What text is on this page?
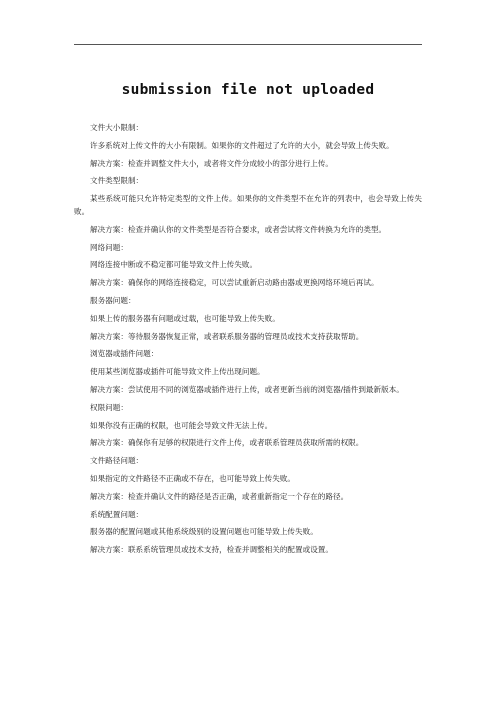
submission file not uploaded

文件大小限制：

许多系统对上传文件的大小有限制。如果你的文件超过了允许的大小，就会导致上传失败。

解决方案：检查并调整文件大小，或者将文件分成较小的部分进行上传。

文件类型限制：

某些系统可能只允许特定类型的文件上传。如果你的文件类型不在允许的列表中，也会导致上传失败。

解决方案：检查并确认你的文件类型是否符合要求，或者尝试将文件转换为允许的类型。

网络问题：

网络连接中断或不稳定都可能导致文件上传失败。

解决方案：确保你的网络连接稳定，可以尝试重新启动路由器或更换网络环境后再试。

服务器问题：

如果上传的服务器有问题或过载，也可能导致上传失败。

解决方案：等待服务器恢复正常，或者联系服务器的管理员或技术支持获取帮助。

浏览器或插件问题：

使用某些浏览器或插件可能导致文件上传出现问题。

解决方案：尝试使用不同的浏览器或插件进行上传，或者更新当前的浏览器/插件到最新版本。

权限问题：

如果你没有正确的权限，也可能会导致文件无法上传。

解决方案：确保你有足够的权限进行文件上传，或者联系管理员获取所需的权限。

文件路径问题：

如果指定的文件路径不正确或不存在，也可能导致上传失败。

解决方案：检查并确认文件的路径是否正确，或者重新指定一个存在的路径。

系统配置问题：

服务器的配置问题或其他系统级别的设置问题也可能导致上传失败。

解决方案：联系系统管理员或技术支持，检查并调整相关的配置或设置。
